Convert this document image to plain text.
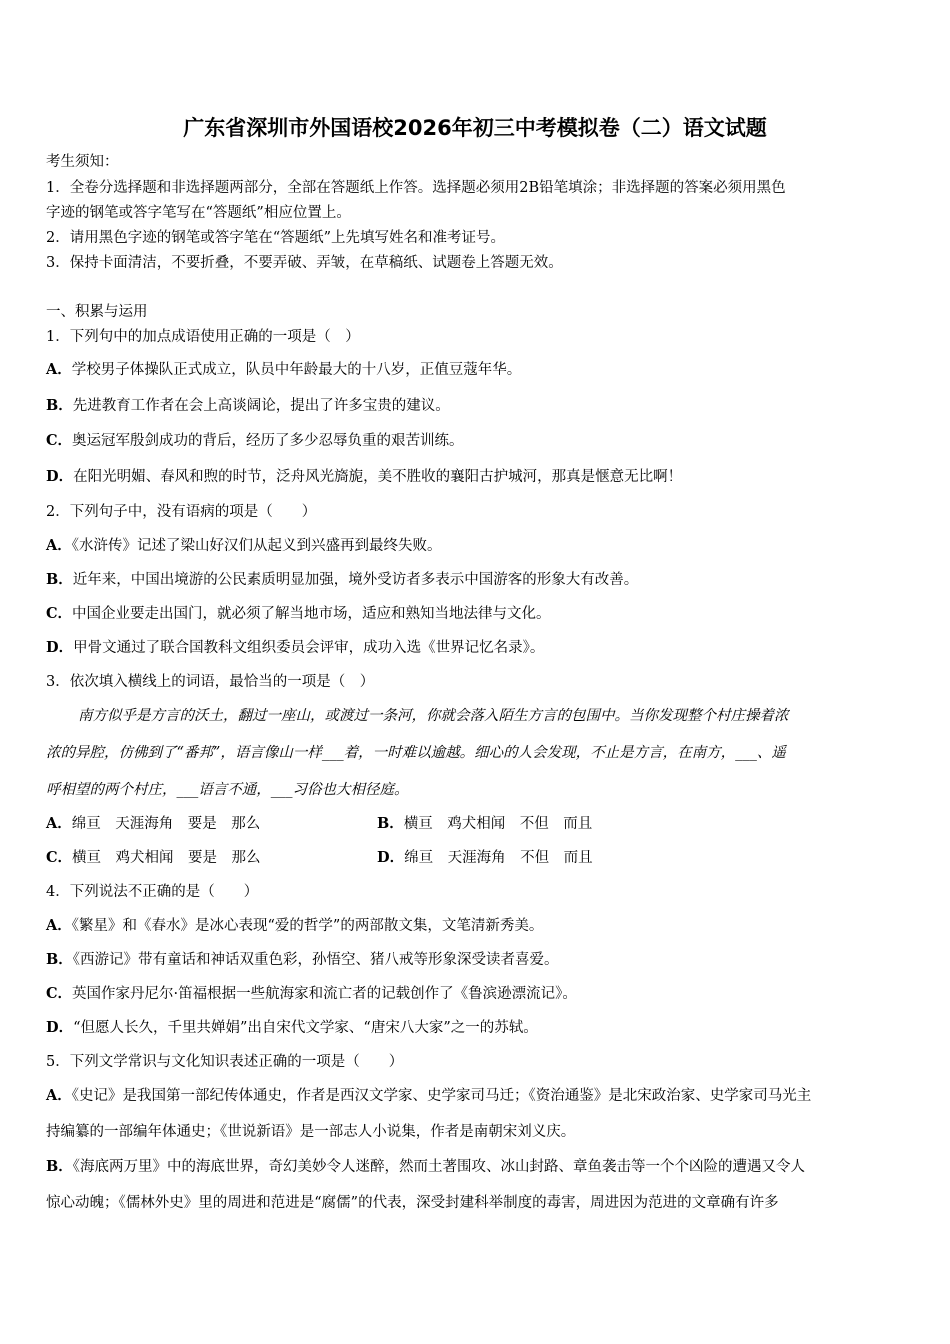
广东省深圳市外国语校2026年初三中考模拟卷（二）语文试题
考生须知：
1．全卷分选择题和非选择题两部分，全部在答题纸上作答。选择题必须用2B铅笔填涂；非选择题的答案必须用黑色
字迹的钢笔或答字笔写在“答题纸”相应位置上。
2．请用黑色字迹的钢笔或答字笔在“答题纸”上先填写姓名和准考证号。
3．保持卡面清洁，不要折叠，不要弄破、弄皱，在草稿纸、试题卷上答题无效。
一、积累与运用
1．下列句中的加点成语使用正确的一项是（　）
A．学校男子体操队正式成立，队员中年龄最大的十八岁，正值豆蔻年华。
B．先进教育工作者在会上高谈阔论，提出了许多宝贵的建议。
C．奥运冠军殷剑成功的背后，经历了多少忍辱负重的艰苦训练。
D．在阳光明媚、春风和煦的时节，泛舟风光旖旎，美不胜收的襄阳古护城河，那真是惬意无比啊！
2．下列句子中，没有语病的项是（　　）
A．《水浒传》记述了梁山好汉们从起义到兴盛再到最终失败。
B．近年来，中国出境游的公民素质明显加强，境外受访者多表示中国游客的形象大有改善。
C．中国企业要走出国门，就必须了解当地市场，适应和熟知当地法律与文化。
D．甲骨文通过了联合国教科文组织委员会评审，成功入选《世界记忆名录》。
3．依次填入横线上的词语，最恰当的一项是（　）
南方似乎是方言的沃土，翻过一座山，或渡过一条河，你就会落入陌生方言的包围中。当你发现整个村庄操着浓
浓的异腔，仿佛到了“番邦”，语言像山一样___着，一时难以逾越。细心的人会发现，不止是方言，在南方，___、遥
呼相望的两个村庄，___语言不通，___习俗也大相径庭。
A．绵亘　天涯海角　要是　那么	B．横亘　鸡犬相闻　不但　而且
C．横亘　鸡犬相闻　要是　那么	D．绵亘　天涯海角　不但　而且
4．下列说法不正确的是（　　）
A．《繁星》和《春水》是冰心表现“爱的哲学”的两部散文集，文笔清新秀美。
B．《西游记》带有童话和神话双重色彩，孙悟空、猪八戒等形象深受读者喜爱。
C．英国作家丹尼尔·笛福根据一些航海家和流亡者的记载创作了《鲁滨逊漂流记》。
D．“但愿人长久，千里共婵娟”出自宋代文学家、“唐宋八大家”之一的苏轼。
5．下列文学常识与文化知识表述正确的一项是（　　）
A．《史记》是我国第一部纪传体通史，作者是西汉文学家、史学家司马迁；《资治通鉴》是北宋政治家、史学家司马光主
持编纂的一部编年体通史；《世说新语》是一部志人小说集，作者是南朝宋刘义庆。
B．《海底两万里》中的海底世界，奇幻美妙令人迷醉，然而土著围攻、冰山封路、章鱼袭击等一个个凶险的遭遇又令人
惊心动魄；《儒林外史》里的周进和范进是“腐儒”的代表，深受封建科举制度的毒害，周进因为范进的文章确有许多
